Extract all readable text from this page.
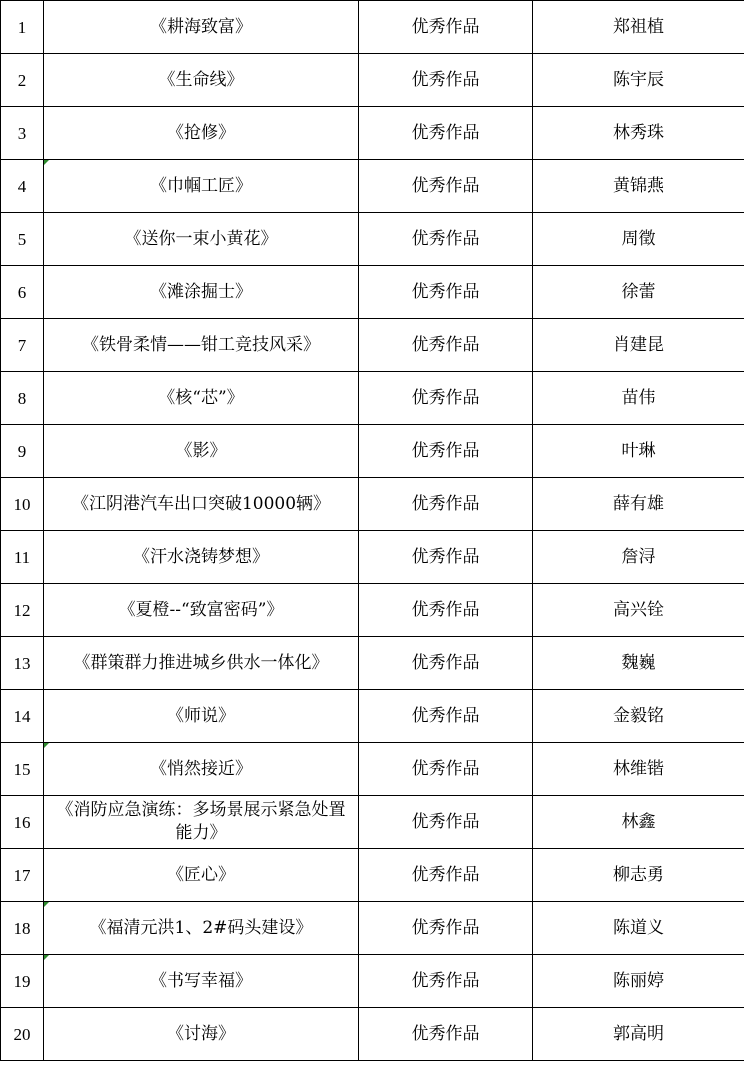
1	《耕海致富》	优秀作品	郑祖植
2	《生命线》	优秀作品	陈宇辰
3	《抢修》	优秀作品	林秀珠
4	《巾帼工匠》	优秀作品	黄锦燕
5	《送你一束小黄花》	优秀作品	周徵
6	《滩涂掘士》	优秀作品	徐蕾
7	《铁骨柔情——钳工竞技风采》	优秀作品	肖建昆
8	《核“芯”》	优秀作品	苗伟
9	《影》	优秀作品	叶琳
10	《江阴港汽车出口突破10000辆》	优秀作品	薛有雄
11	《汗水浇铸梦想》	优秀作品	詹浔
12	《夏橙--“致富密码”》	优秀作品	高兴铨
13	《群策群力推进城乡供水一体化》	优秀作品	魏巍
14	《师说》	优秀作品	金毅铭
15	《悄然接近》	优秀作品	林维锴
16	《消防应急演练：多场景展示紧急处置能力》	优秀作品	林鑫
17	《匠心》	优秀作品	柳志勇
18	《福清元洪1、2#码头建设》	优秀作品	陈道义
19	《书写幸福》	优秀作品	陈丽婷
20	《讨海》	优秀作品	郭高明
